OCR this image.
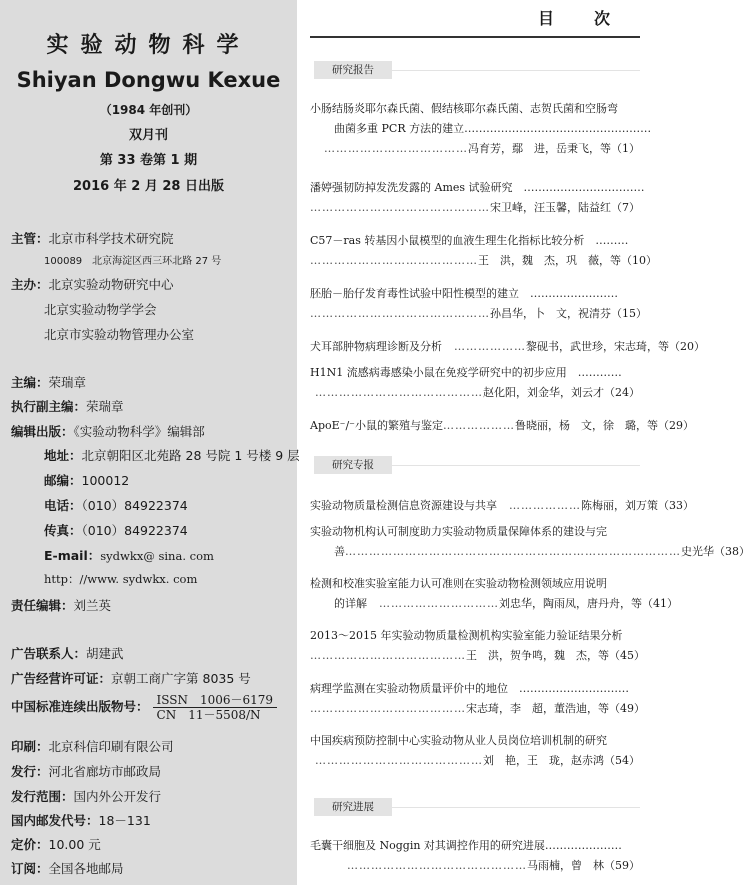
实验动物科学
Shiyan Dongwu Kexue
（1984 年创刊）
双月刊
第 33 卷第 1 期
2016 年 2 月 28 日出版
主管：北京市科学技术研究院
100089　北京海淀区西三环北路 27 号
主办：北京实验动物研究中心
北京实验动物学学会
北京市实验动物管理办公室
主编：荣瑞章
执行副主编：荣瑞章
编辑出版：《实验动物科学》编辑部
地址：北京朝阳区北苑路 28 号院 1 号楼 9 层
邮编：100012
电话：（010）84922374
传真：（010）84922374
E-mail：sydwkx@ sina. com
http：//www. sydwkx. com
责任编辑：刘兰英
广告联系人：胡建武
广告经营许可证：京朝工商广字第 8035 号
中国标准连续出版物号： ISSN　1006－6179
CN　11－5508/N
印刷：北京科信印刷有限公司
发行：河北省廊坊市邮政局
发行范围：国内外公开发行
国内邮发代号：18－131
定价：10.00 元
订阅：全国各地邮局
目次
研究报告
小肠结肠炎耶尔森氏菌、假结核耶尔森氏菌、志贺氏菌和空肠弯
曲菌多重 PCR 方法的建立……………………………………………
………………………………冯育芳，鄢　进，岳秉飞，等（1）
潘婷强韧防掉发洗发露的 Ames 试验研究　……………………………
………………………………………宋卫峰，汪玉馨，陆益红（7）
C57－ras 转基因小鼠模型的血液生理生化指标比较分析　………
……………………………………王　洪，魏　杰，巩　薇，等（10）
胚胎－胎仔发育毒性试验中阳性模型的建立　……………………
………………………………………孙昌华，卜　文，祝清芬（15）
犬耳部肿物病理诊断及分析 　……………… 黎砚书，武世珍，宋志琦，等（20）
H1N1 流感病毒感染小鼠在免疫学研究中的初步应用　…………
……………………………………赵化阳，刘金华，刘云才（24）
ApoE⁻/⁻小鼠的繁殖与鉴定 ……………… 鲁晓丽，杨　文，徐　璐，等（29）
研究专报
实验动物质量检测信息资源建设与共享 　……………… 陈梅丽，刘万策（33）
实验动物机构认可制度助力实验动物质量保障体系的建设与完
善 ………………………………………………………………………… 史光华（38）
检测和校准实验室能力认可准则在实验动物检测领域应用说明
的详解 　………………………… 刘忠华，陶雨凤，唐丹舟，等（41）
2013～2015 年实验动物质量检测机构实验室能力验证结果分析
…………………………………王　洪，贺争鸣，魏　杰，等（45）
病理学监测在实验动物质量评价中的地位　…………………………
…………………………………宋志琦，李　超，董浩迪，等（49）
中国疾病预防控制中心实验动物从业人员岗位培训机制的研究
……………………………………刘　艳，王　珑，赵赤鸿（54）
研究进展
毛囊干细胞及 Noggin 对其调控作用的研究进展…………………
………………………………………马雨楠，曾　林（59）
